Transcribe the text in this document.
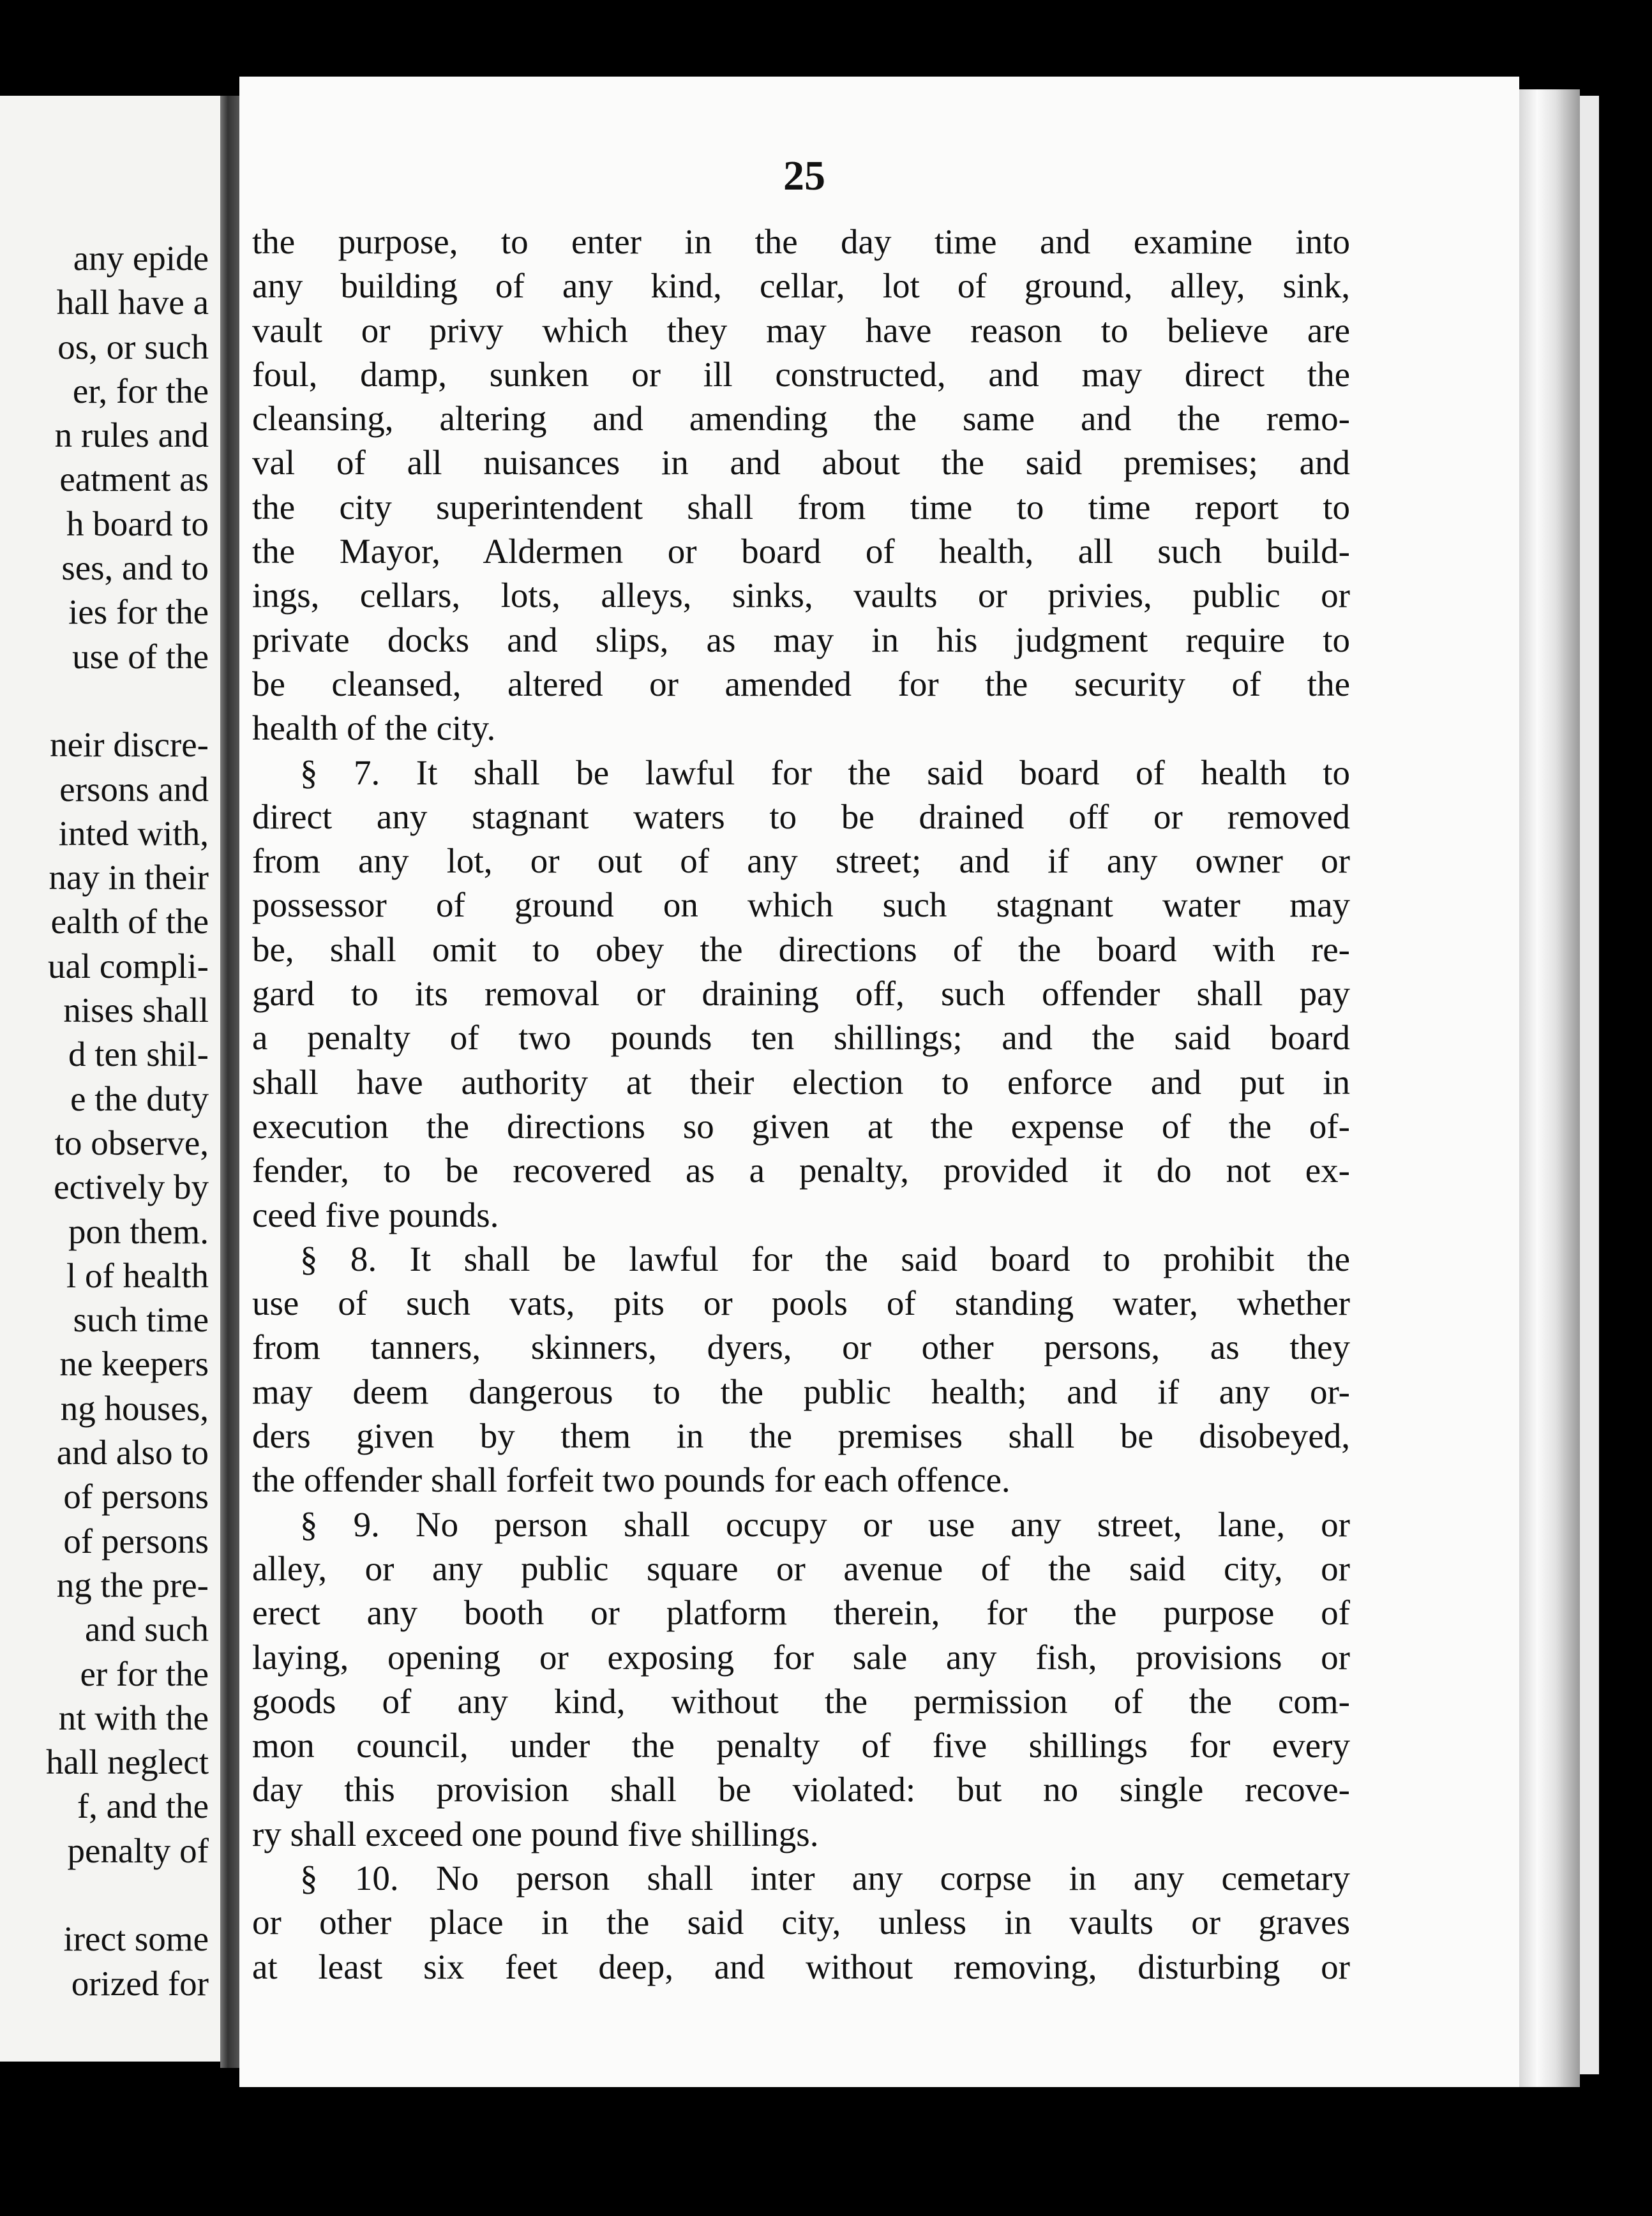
any epide
hall have a
os, or such
er, for the
n rules and
eatment as
h board to
ses, and to
ies for the
use of the

neir discre-
ersons and
inted with,
nay in their
ealth of the
ual compli-
nises shall
d ten shil-
e the duty
to observe,
ectively by
pon them.
l of health
such time
ne keepers
ng houses,
and also to
of persons
of persons
ng the pre-
and such
er for the
nt with the
hall neglect
f, and the
penalty of

irect some
orized for
25
the purpose, to enter in the day time and examine into
any building of any kind, cellar, lot of ground, alley, sink,
vault or privy which they may have reason to believe are
foul, damp, sunken or ill constructed, and may direct the
cleansing, altering and amending the same and the remo-
val of all nuisances in and about the said premises; and
the city superintendent shall from time to time report to
the Mayor, Aldermen or board of health, all such build-
ings, cellars, lots, alleys, sinks, vaults or privies, public or
private docks and slips, as may in his judgment require to
be cleansed, altered or amended for the security of the
health of the city.
§ 7. It shall be lawful for the said board of health to
direct any stagnant waters to be drained off or removed
from any lot, or out of any street; and if any owner or
possessor of ground on which such stagnant water may
be, shall omit to obey the directions of the board with re-
gard to its removal or draining off, such offender shall pay
a penalty of two pounds ten shillings; and the said board
shall have authority at their election to enforce and put in
execution the directions so given at the expense of the of-
fender, to be recovered as a penalty, provided it do not ex-
ceed five pounds.
§ 8. It shall be lawful for the said board to prohibit the
use of such vats, pits or pools of standing water, whether
from tanners, skinners, dyers, or other persons, as they
may deem dangerous to the public health; and if any or-
ders given by them in the premises shall be disobeyed,
the offender shall forfeit two pounds for each offence.
§ 9. No person shall occupy or use any street, lane, or
alley, or any public square or avenue of the said city, or
erect any booth or platform therein, for the purpose of
laying, opening or exposing for sale any fish, provisions or
goods of any kind, without the permission of the com-
mon council, under the penalty of five shillings for every
day this provision shall be violated: but no single recove-
ry shall exceed one pound five shillings.
§ 10. No person shall inter any corpse in any cemetary
or other place in the said city, unless in vaults or graves
at least six feet deep, and without removing, disturbing or
